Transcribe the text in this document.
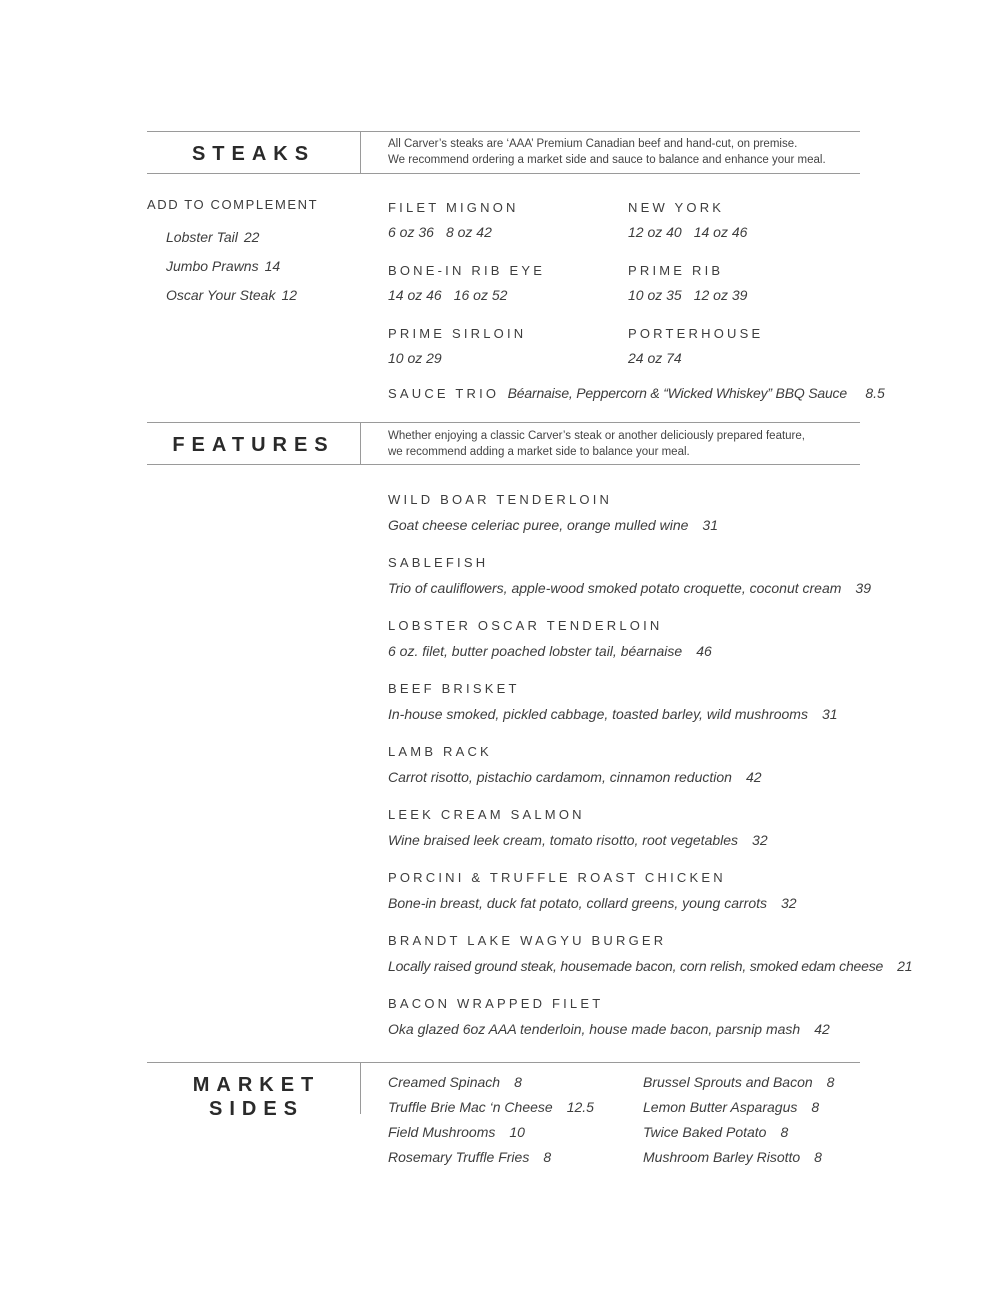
STEAKS	All Carver’s steaks are ‘AAA’ Premium Canadian beef and hand-cut, on premise.
We recommend ordering a market side and sauce to balance and enhance your meal.
ADD TO COMPLEMENT
Lobster Tail 22
Jumbo Prawns 14
Oscar Your Steak 12
FILET MIGNON
6 oz 36 8 oz 42
NEW YORK
12 oz 40 14 oz 46
BONE-IN RIB EYE
14 oz 46 16 oz 52
PRIME RIB
10 oz 35 12 oz 39
PRIME SIRLOIN
10 oz 29
PORTERHOUSE
24 oz 74
SAUCE TRIO Béarnaise, Peppercorn & “Wicked Whiskey” BBQ Sauce 8.5
FEATURES	Whether enjoying a classic Carver’s steak or another deliciously prepared feature,
we recommend adding a market side to balance your meal.
WILD BOAR TENDERLOIN
Goat cheese celeriac puree, orange mulled wine 31
SABLEFISH
Trio of cauliflowers, apple-wood smoked potato croquette, coconut cream 39
LOBSTER OSCAR TENDERLOIN
6 oz. filet, butter poached lobster tail, béarnaise 46
BEEF BRISKET
In-house smoked, pickled cabbage, toasted barley, wild mushrooms 31
LAMB RACK
Carrot risotto, pistachio cardamom, cinnamon reduction 42
LEEK CREAM SALMON
Wine braised leek cream, tomato risotto, root vegetables 32
PORCINI & TRUFFLE ROAST CHICKEN
Bone-in breast, duck fat potato, collard greens, young carrots 32
BRANDT LAKE WAGYU BURGER
Locally raised ground steak, housemade bacon, corn relish, smoked edam cheese 21
BACON WRAPPED FILET
Oka glazed 6oz AAA tenderloin, house made bacon, parsnip mash 42
MARKET
SIDES
Creamed Spinach 8
Truffle Brie Mac ‘n Cheese 12.5
Field Mushrooms 10
Rosemary Truffle Fries 8
Brussel Sprouts and Bacon 8
Lemon Butter Asparagus 8
Twice Baked Potato 8
Mushroom Barley Risotto 8
